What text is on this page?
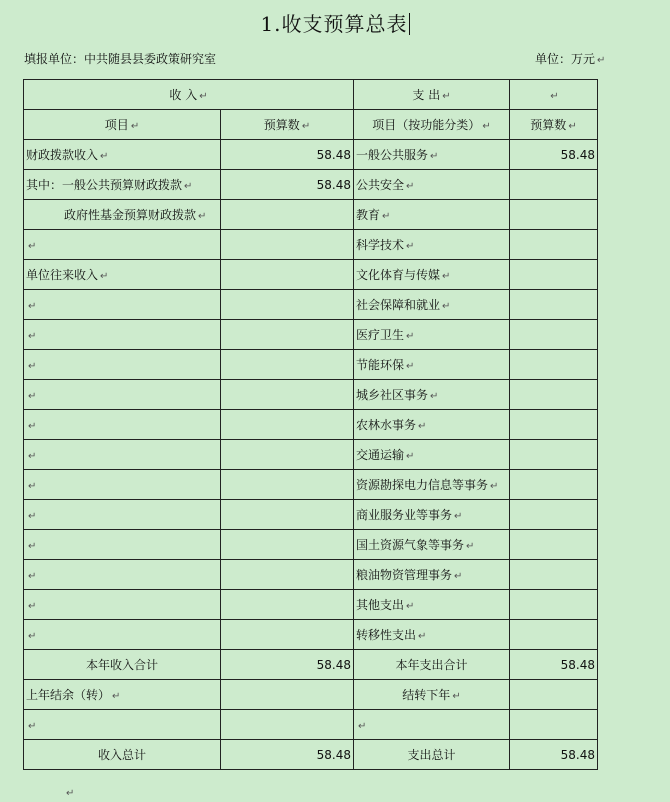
1.收支预算总表
填报单位：中共随县县委政策研究室	单位：万元 ↵
收 入 ↵		支 出 ↵	↵
项目 ↵	预算数 ↵	项目（按功能分类） ↵	预算数 ↵
财政拨款收入 ↵	58.48	一般公共服务 ↵	58.48
其中：一般公共预算财政拨款 ↵	58.48	公共安全 ↵	
政府性基金预算财政拨款 ↵		教育 ↵	
↵		科学技术 ↵	
单位往来收入 ↵		文化体育与传媒 ↵	
↵		社会保障和就业 ↵	
↵		医疗卫生 ↵	
↵		节能环保 ↵	
↵		城乡社区事务 ↵	
↵		农林水事务 ↵	
↵		交通运输 ↵	
↵		资源勘探电力信息等事务 ↵	
↵		商业服务业等事务 ↵	
↵		国土资源气象等事务 ↵	
↵		粮油物资管理事务 ↵	
↵		其他支出 ↵	
↵		转移性支出 ↵	
本年收入合计	58.48	本年支出合计	58.48
上年结余（转） ↵		结转下年 ↵	
↵		↵	
收入总计	58.48	支出总计	58.48
↵
